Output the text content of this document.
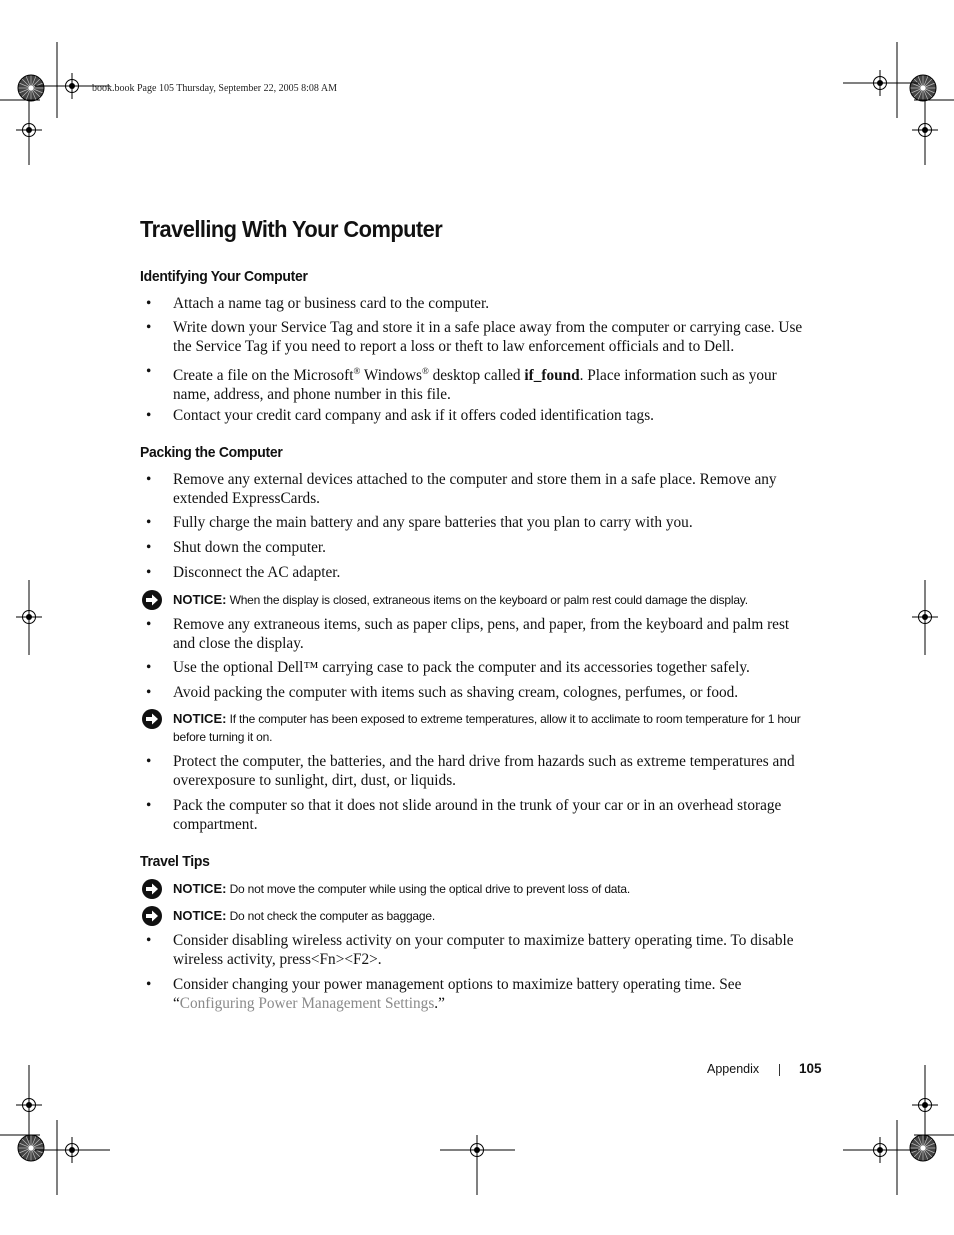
book.book Page 105 Thursday, September 22, 2005 8:08 AM
Travelling With Your Computer
Identifying Your Computer
• Attach a name tag or business card to the computer.
• Write down your Service Tag and store it in a safe place away from the computer or carrying case. Use the Service Tag if you need to report a loss or theft to law enforcement officials and to Dell.
• Create a file on the Microsoft® Windows® desktop called if_found. Place information such as your name, address, and phone number in this file.
• Contact your credit card company and ask if it offers coded identification tags.
Packing the Computer
• Remove any external devices attached to the computer and store them in a safe place. Remove any extended ExpressCards.
• Fully charge the main battery and any spare batteries that you plan to carry with you.
• Shut down the computer.
• Disconnect the AC adapter.
NOTICE: When the display is closed, extraneous items on the keyboard or palm rest could damage the display.
• Remove any extraneous items, such as paper clips, pens, and paper, from the keyboard and palm rest and close the display.
• Use the optional Dell™ carrying case to pack the computer and its accessories together safely.
• Avoid packing the computer with items such as shaving cream, colognes, perfumes, or food.
NOTICE: If the computer has been exposed to extreme temperatures, allow it to acclimate to room temperature for 1 hour before turning it on.
• Protect the computer, the batteries, and the hard drive from hazards such as extreme temperatures and overexposure to sunlight, dirt, dust, or liquids.
• Pack the computer so that it does not slide around in the trunk of your car or in an overhead storage compartment.
Travel Tips
NOTICE: Do not move the computer while using the optical drive to prevent loss of data.
NOTICE: Do not check the computer as baggage.
• Consider disabling wireless activity on your computer to maximize battery operating time. To disable wireless activity, press<Fn><F2>.
• Consider changing your power management options to maximize battery operating time. See “Configuring Power Management Settings.”
Appendix	105
